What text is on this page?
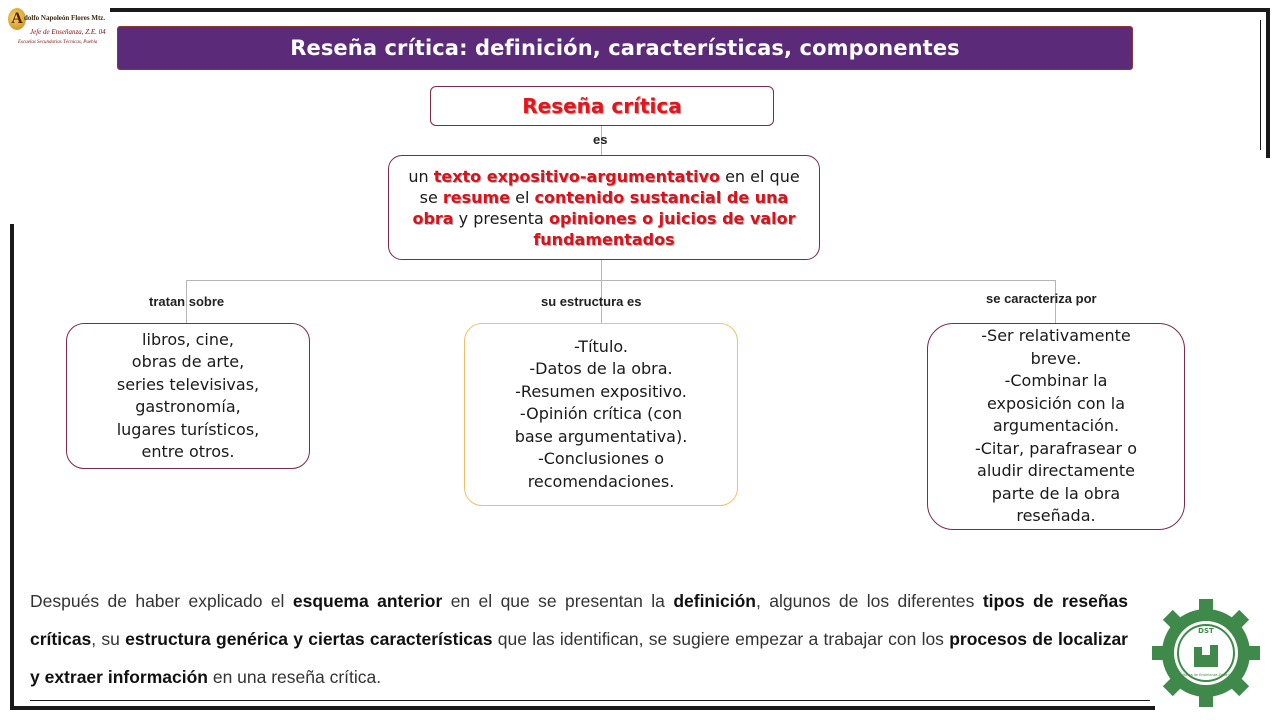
A dolfo Napoleón Flores Mtz.
Jefe de Enseñanza, Z.E. 04
Escuelas Secundarias Técnicas, Puebla	Reseña crítica: definición, características, componentes
Reseña crítica
es
un texto expositivo-argumentativo en el que se resume el contenido sustancial de una obra y presenta opiniones o juicios de valor fundamentados
tratan sobre	su estructura es	se caracteriza por
libros, cine,
obras de arte,
series televisivas,
gastronomía,
lugares turísticos,
entre otros.
-Título.
-Datos de la obra.
-Resumen expositivo.
-Opinión crítica (con
base argumentativa).
-Conclusiones o
recomendaciones.
-Ser relativamente
breve.
-Combinar la
exposición con la
argumentación.
-Citar, parafrasear o
aludir directamente
parte de la obra
reseñada.
Después de haber explicado el esquema anterior en el que se presentan la definición, algunos de los diferentes tipos de reseñas críticas, su estructura genérica y ciertas características que las identifican, se sugiere empezar a trabajar con los procesos de localizar y extraer información en una reseña crítica.
DST
Jefatura de Enseñanza Zona 04
